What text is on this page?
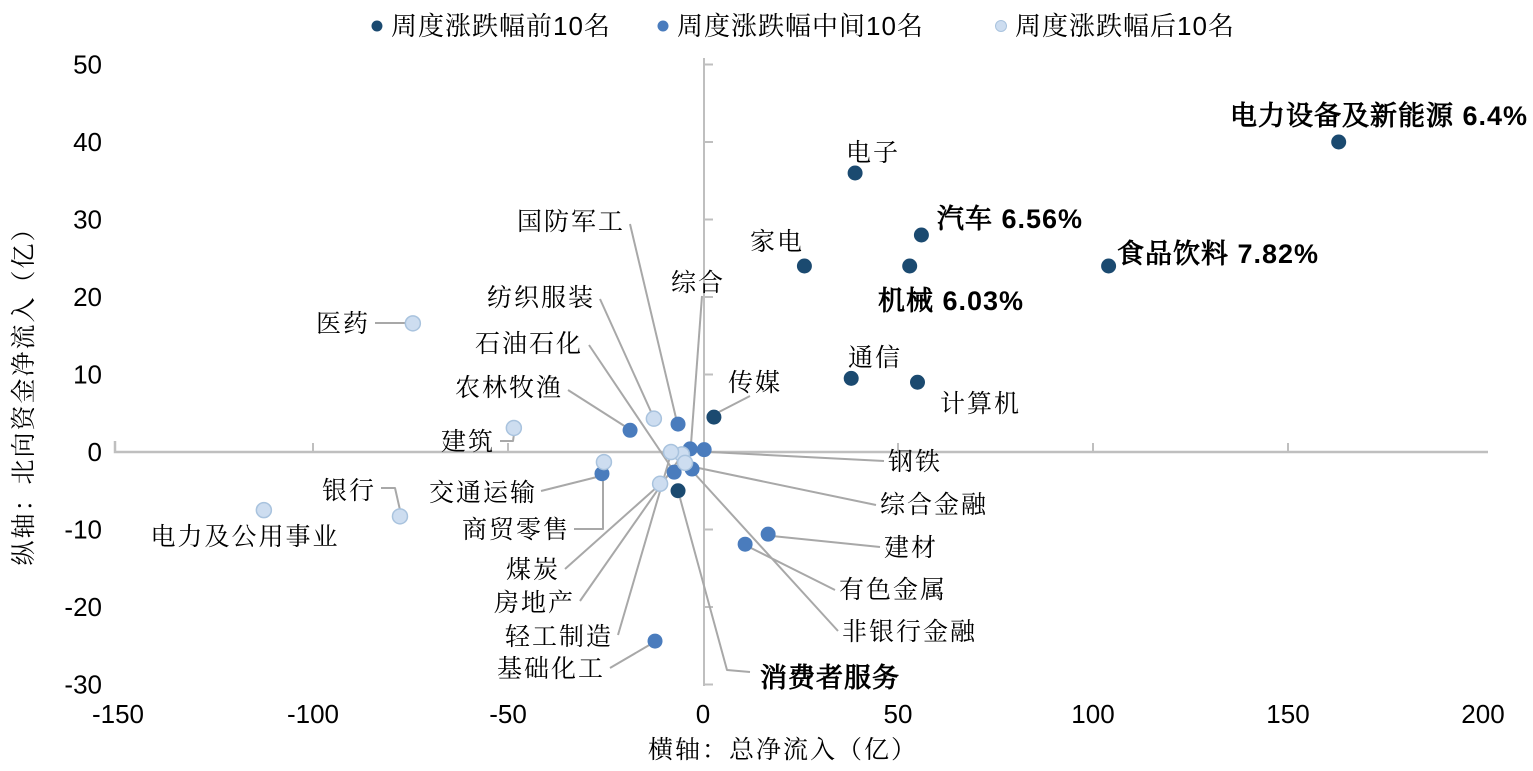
-150	-100	-50	0	50	100	150	200
50
40
30
20
10
0
-10
-20
-30
横轴：总净流入（亿）
纵轴：北向资金净流入（亿）
电力设备及新能源 6.4%
电子
汽车 6.56%
食品饮料 7.82%
家电
机械 6.03%
通信
计算机
传媒
消费者服务
国防军工
农林牧渔
石油石化
交通运输
建材
有色金属
综合
钢铁
非银行金融
基础化工
医药
建筑
电力及公用事业
银行
纺织服装
商贸零售
煤炭
房地产
轻工制造
综合金融
周度涨跌幅前10名	周度涨跌幅中间10名	周度涨跌幅后10名
